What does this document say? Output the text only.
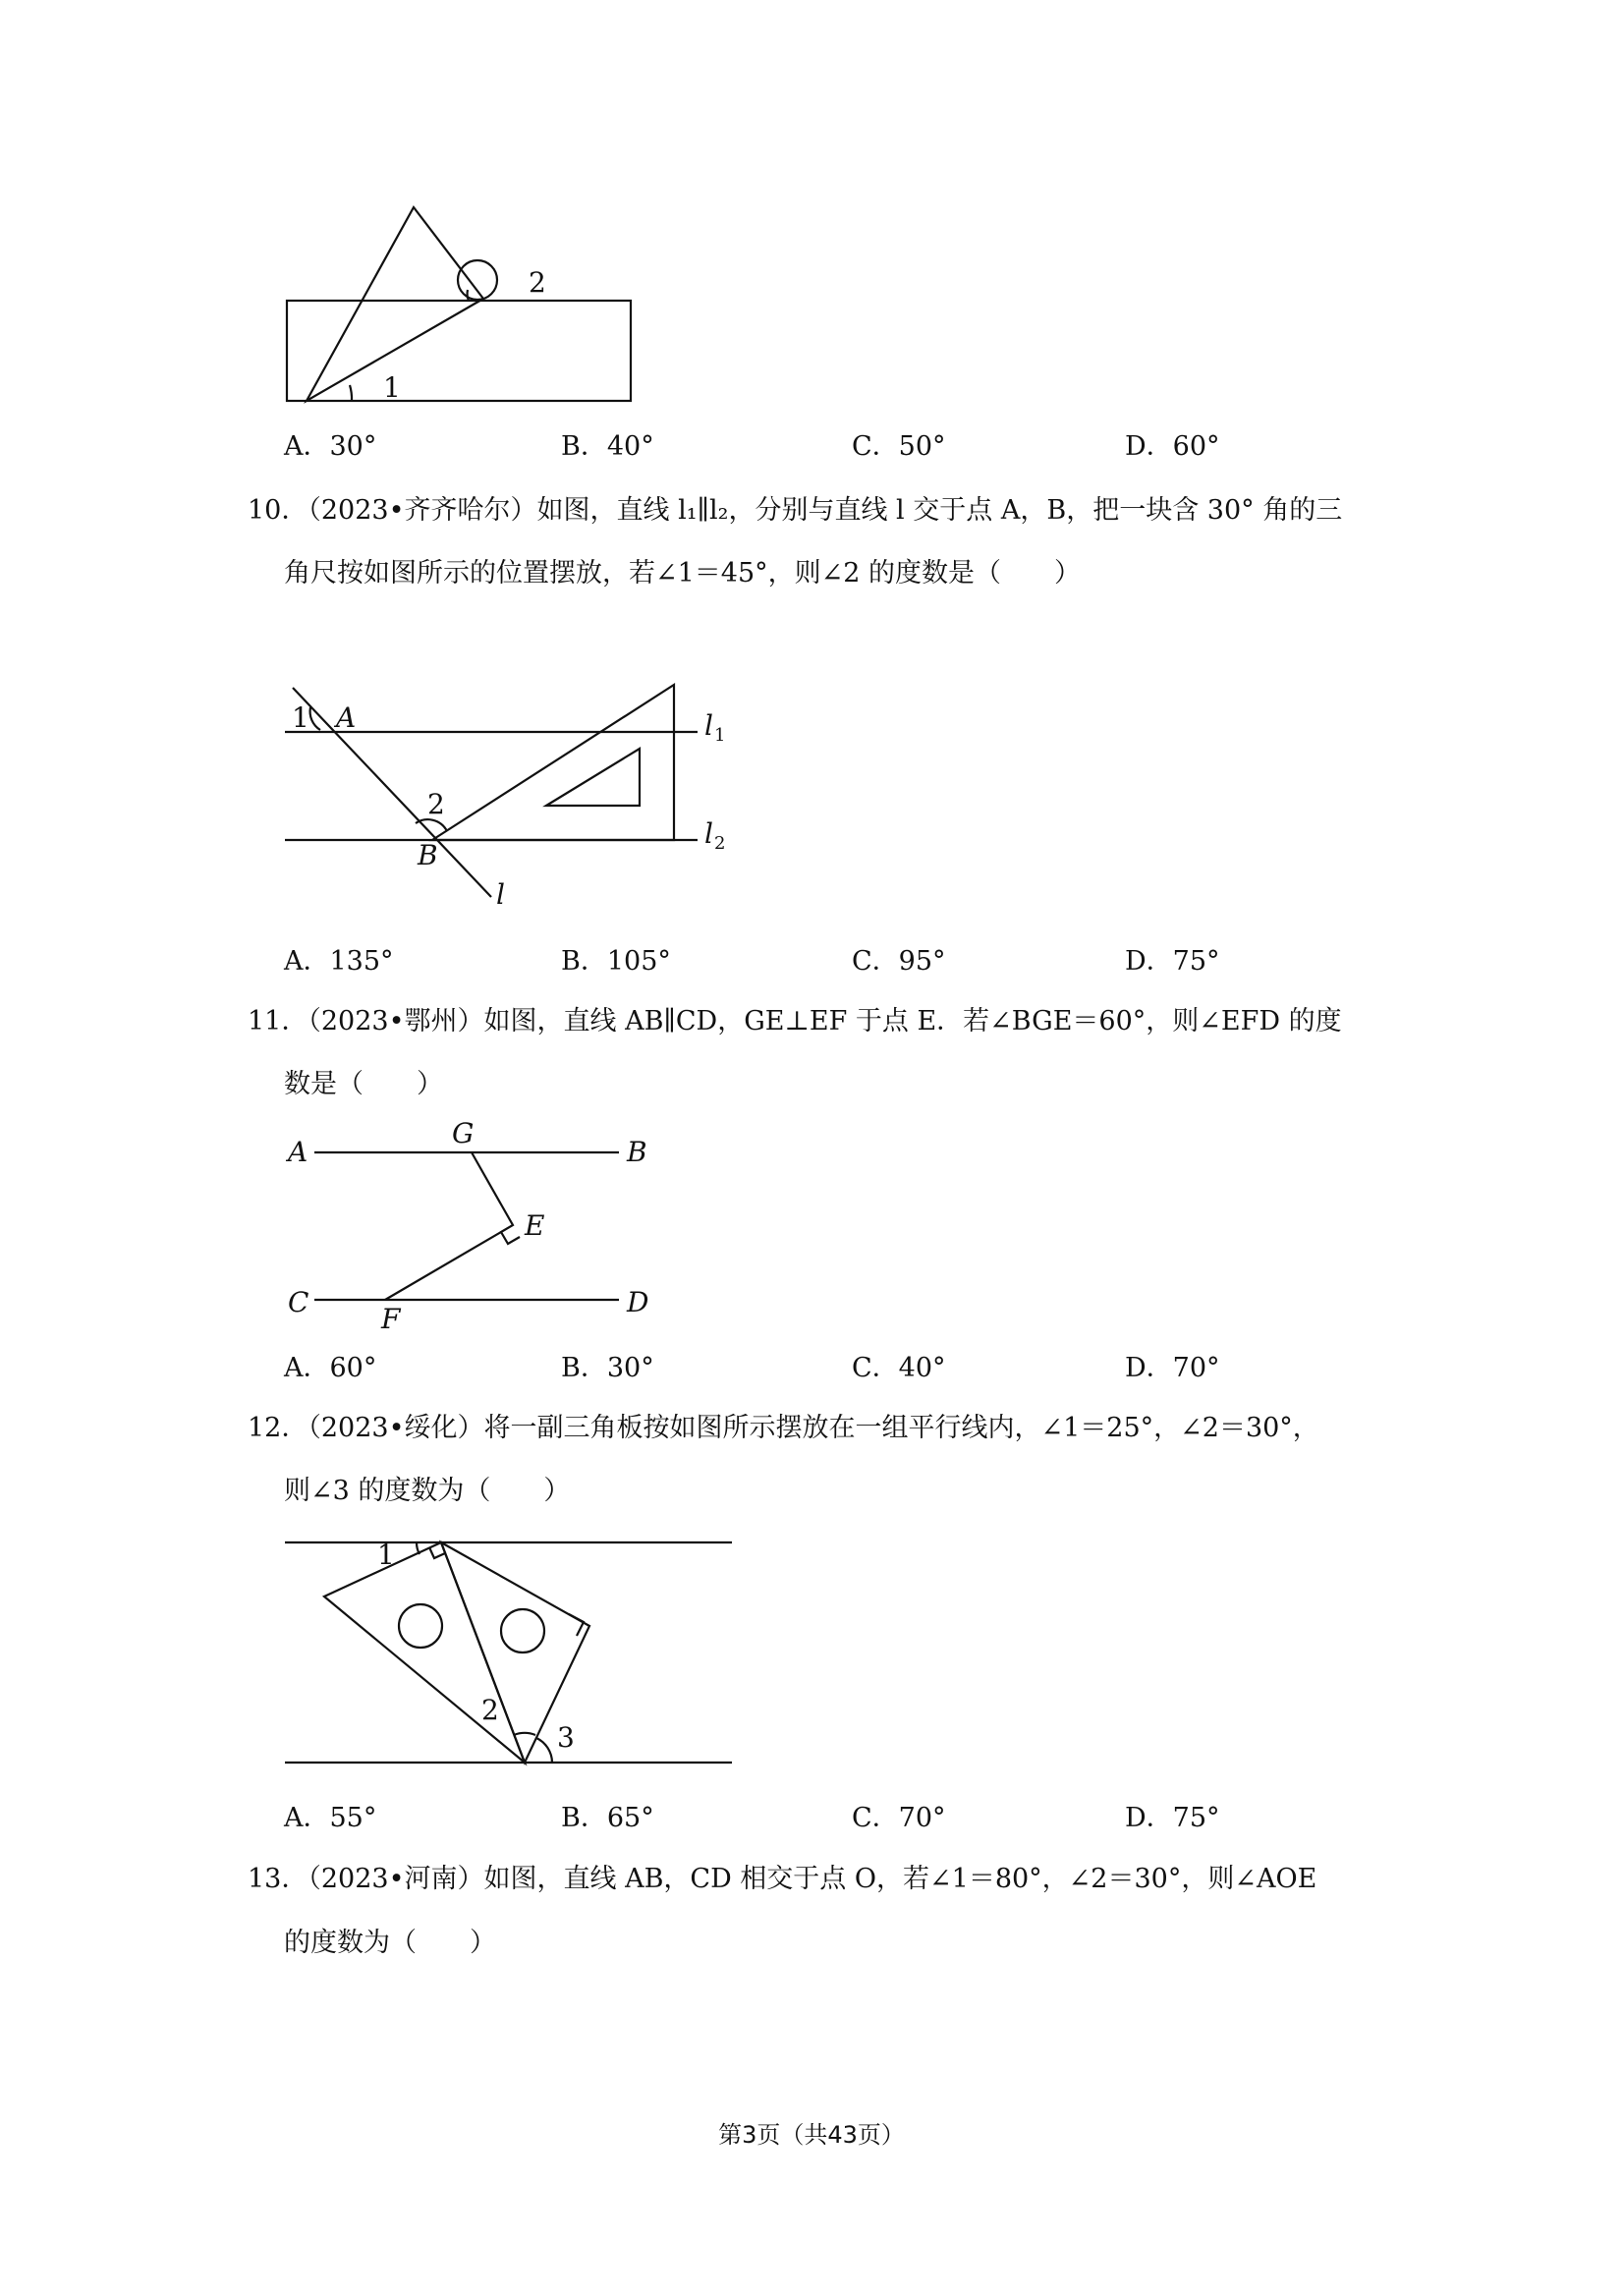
1
2
A．30°	B．40°	C．50°	D．60°
10．（2023•齐齐哈尔）如图，直线 l₁∥l₂，分别与直线 l 交于点 A，B，把一块含 30° 角的三
角尺按如图所示的位置摆放，若∠1＝45°，则∠2 的度数是（　　）
1 A
2
B
l
l 1
l 2
A．135°	B．105°	C．95°	D．75°
11．（2023•鄂州）如图，直线 AB∥CD，GE⊥EF 于点 E．若∠BGE＝60°，则∠EFD 的度
数是（　　）
A	B
G
E
C	D
F
A．60°	B．30°	C．40°	D．70°
12．（2023•绥化）将一副三角板按如图所示摆放在一组平行线内，∠1＝25°，∠2＝30°，
则∠3 的度数为（　　）
1
2
3
A．55°	B．65°	C．70°	D．75°
13．（2023•河南）如图，直线 AB，CD 相交于点 O，若∠1＝80°，∠2＝30°，则∠AOE
的度数为（　　）
第3页（共43页）
